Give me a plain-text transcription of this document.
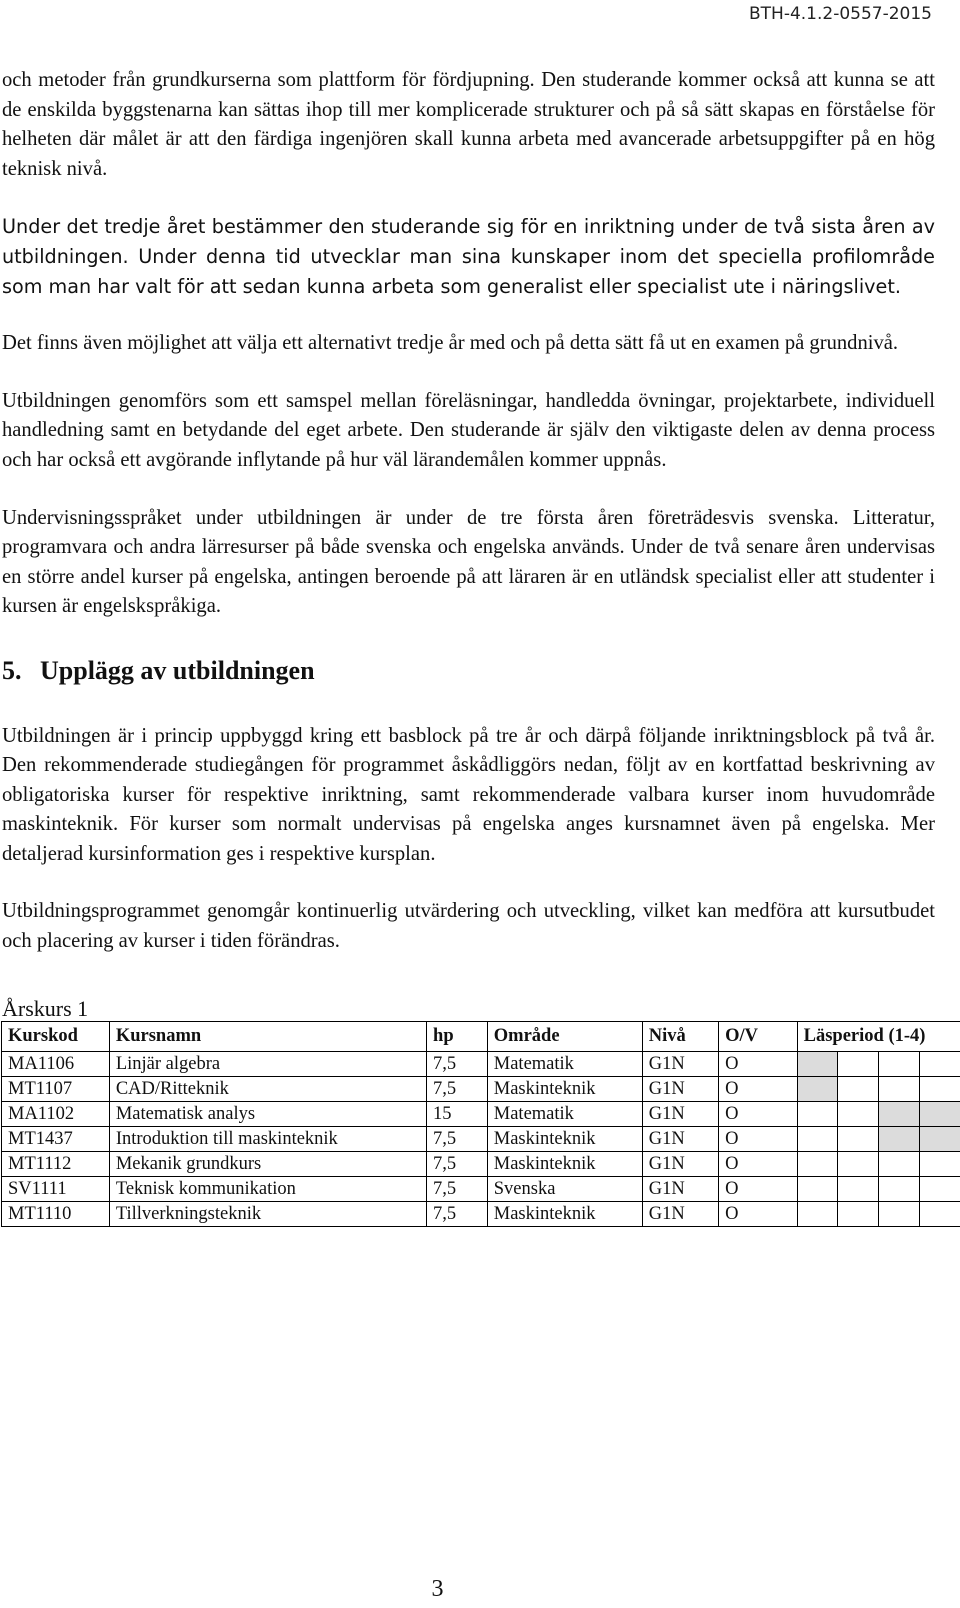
BTH-4.1.2-0557-2015

och metoder från grundkurserna som plattform för fördjupning. Den studerande kommer också att kunna se att de enskilda byggstenarna kan sättas ihop till mer komplicerade strukturer och på så sätt skapas en förståelse för helheten där målet är att den färdiga ingenjören skall kunna arbeta med avancerade arbetsuppgifter på en hög teknisk nivå.

Under det tredje året bestämmer den studerande sig för en inriktning under de två sista åren av utbildningen. Under denna tid utvecklar man sina kunskaper inom det speciella profilområde som man har valt för att sedan kunna arbeta som generalist eller specialist ute i näringslivet.

Det finns även möjlighet att välja ett alternativt tredje år med och på detta sätt få ut en examen på grundnivå.

Utbildningen genomförs som ett samspel mellan föreläsningar, handledda övningar, projektarbete, individuell handledning samt en betydande del eget arbete. Den studerande är själv den viktigaste delen av denna process och har också ett avgörande inflytande på hur väl lärandemålen kommer uppnås.

Undervisningsspråket under utbildningen är under de tre första åren företrädesvis svenska. Litteratur, programvara och andra lärresurser på både svenska och engelska används. Under de två senare åren undervisas en större andel kurser på engelska, antingen beroende på att läraren är en utländsk specialist eller att studenter i kursen är engelskspråkiga.

5. Upplägg av utbildningen

Utbildningen är i princip uppbyggd kring ett basblock på tre år och därpå följande inriktningsblock på två år. Den rekommenderade studiegången för programmet åskådliggörs nedan, följt av en kortfattad beskrivning av obligatoriska kurser för respektive inriktning, samt rekommenderade valbara kurser inom huvudområde maskinteknik. För kurser som normalt undervisas på engelska anges kursnamnet även på engelska. Mer detaljerad kursinformation ges i respektive kursplan.

Utbildningsprogrammet genomgår kontinuerlig utvärdering och utveckling, vilket kan medföra att kursutbudet och placering av kurser i tiden förändras.

Årskurs 1
Kurskod	Kursnamn	hp	Område	Nivå	O/V	Läsperiod (1-4)			
MA1106	Linjär algebra	7,5	Matematik	G1N	O				
MT1107	CAD/Ritteknik	7,5	Maskinteknik	G1N	O				
MA1102	Matematisk analys	15	Matematik	G1N	O				
MT1437	Introduktion till maskinteknik	7,5	Maskinteknik	G1N	O				
MT1112	Mekanik grundkurs	7,5	Maskinteknik	G1N	O				
SV1111	Teknisk kommunikation	7,5	Svenska	G1N	O				
MT1110	Tillverkningsteknik	7,5	Maskinteknik	G1N	O				
3
